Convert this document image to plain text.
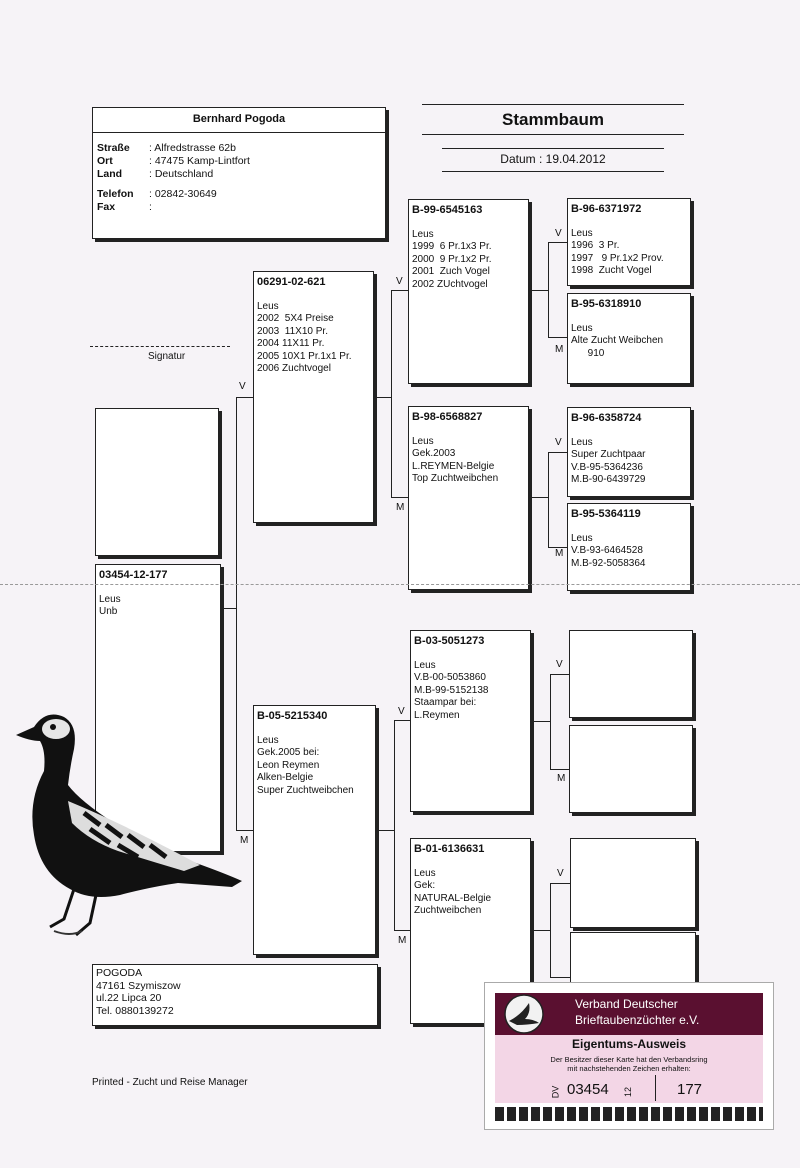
Bernhard Pogoda
Straße : Alfredstrasse 62b
Ort	: 47475 Kamp-Lintfort
Land	: Deutschland
Telefon : 02842-30649
Fax	:
Stammbaum
Datum : 19.04.2012
Signatur
03454-12-177

Leus
Unb
06291-02-621

Leus
2002  5X4 Preise
2003  11X10 Pr.
2004 11X11 Pr.
2005 10X1 Pr.1x1 Pr.
2006 Zuchtvogel
B-05-5215340

Leus
Gek.2005 bei:
Leon Reymen
Alken-Belgie
Super Zuchtweibchen
B-99-6545163

Leus
1999  6 Pr.1x3 Pr.
2000  9 Pr.1x2 Pr.
2001  Zuch Vogel
2002 ZUchtvogel
B-98-6568827

Leus
Gek.2003
L.REYMEN-Belgie
Top Zuchtweibchen
B-03-5051273

Leus
V.B-00-5053860
M.B-99-5152138
Staampar bei:
L.Reymen
B-01-6136631

Leus
Gek:
NATURAL-Belgie
Zuchtweibchen
B-96-6371972

Leus
1996  3 Pr.
1997   9 Pr.1x2 Prov.
1998  Zucht Vogel
B-95-6318910

Leus
Alte Zucht Weibchen
910
B-96-6358724

Leus
Super Zuchtpaar
V.B-95-5364236
M.B-90-6439729
B-95-5364119

Leus
V.B-93-6464528
M.B-92-5058364
V
M
V
M
V
M
V
M
V
M
V
M
V
POGODA
47161 Szymiszow
ul.22 Lipca 20
Tel. 0880139272
Printed - Zucht und Reise Manager
Verband Deutscher
Brieftaubenzüchter e.V.
Eigentums-Ausweis
Der Besitzer dieser Karte hat den Verbandsring
mit nachstehenden Zeichen erhalten:
DV 03454 12	177
